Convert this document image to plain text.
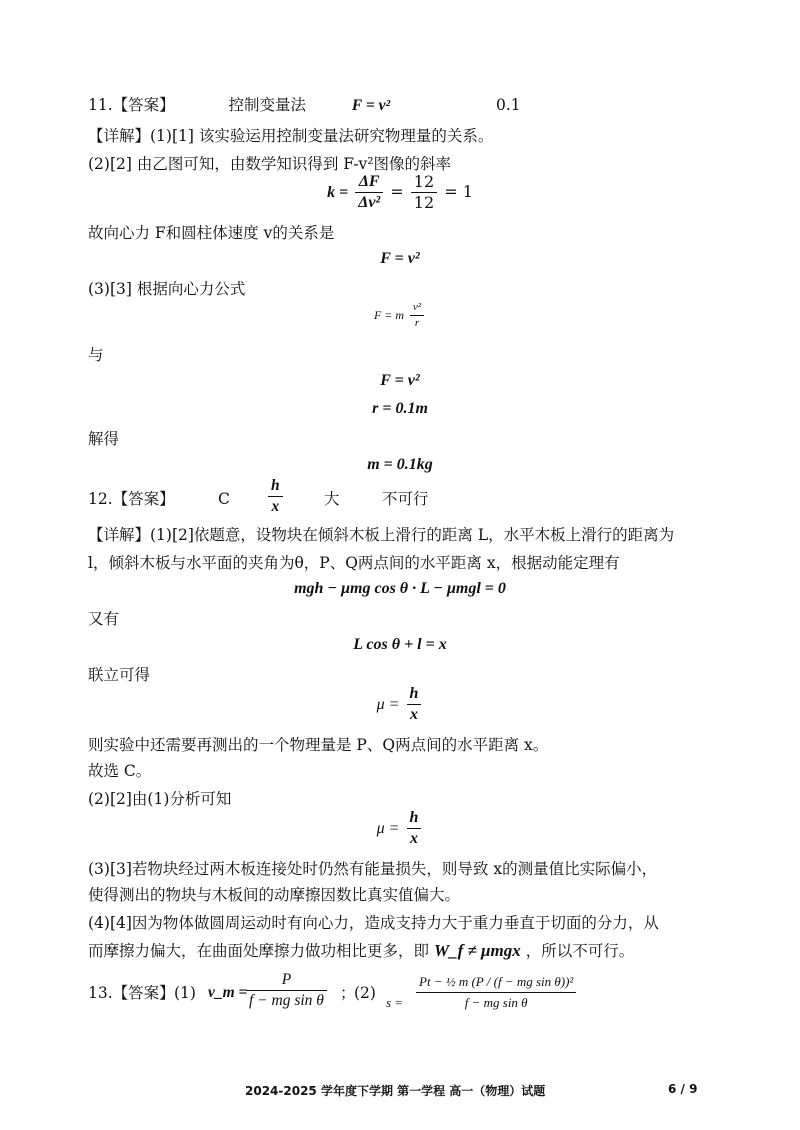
11.【答案】	控制变量法	F = v²	0.1
【详解】(1)[1] 该实验运用控制变量法研究物理量的关系。
(2)[2] 由乙图可知，由数学知识得到 F-v²图像的斜率
$k = \frac{\Delta F}{\text{Δv²}} = \frac{12}{12} = 1$
故向心力 F和圆柱体速度 v的关系是
F = v²
(3)[3] 根据向心力公式
F = m $\frac{\text{v²}}{r}$
与
F = v²
r = 0.1m
解得
m = 0.1kg
12.【答案】	C $\frac{h}{x}$	大	不可行
【详解】(1)[2]依题意，设物块在倾斜木板上滑行的距离 L，水平木板上滑行的距离为
l，倾斜木板与水平面的夹角为θ，P、Q两点间的水平距离 x，根据动能定理有
mgh − μmg cos θ · L − μmgl = 0
又有
L cos θ + l = x
联立可得
$\mu = \frac{h}{x}$
则实验中还需要再测出的一个物理量是 P、Q两点间的水平距离 x。
故选 C。
(2)[2]由(1)分析可知
$\mu = \frac{h}{x}$
(3)[3]若物块经过两木板连接处时仍然有能量损失，则导致 x的测量值比实际偏小，
使得测出的物块与木板间的动摩擦因数比真实值偏大。
(4)[4]因为物体做圆周运动时有向心力，造成支持力大于重力垂直于切面的分力，从
而摩擦力偏大，在曲面处摩擦力做功相比更多，即 W_f ≠ μmgx ，所以不可行。
13.【答案】 (1) v_m =
$\frac{P}{\text{f − mg sin θ}}$ ；
(2)
$s = \frac{\text{Pt − ½ m (P / (f − mg sin θ))²}}{\text{f − mg sin θ}}$
2024-2025 学年度下学期 第一学程 高一（物理）试题	6 / 9
